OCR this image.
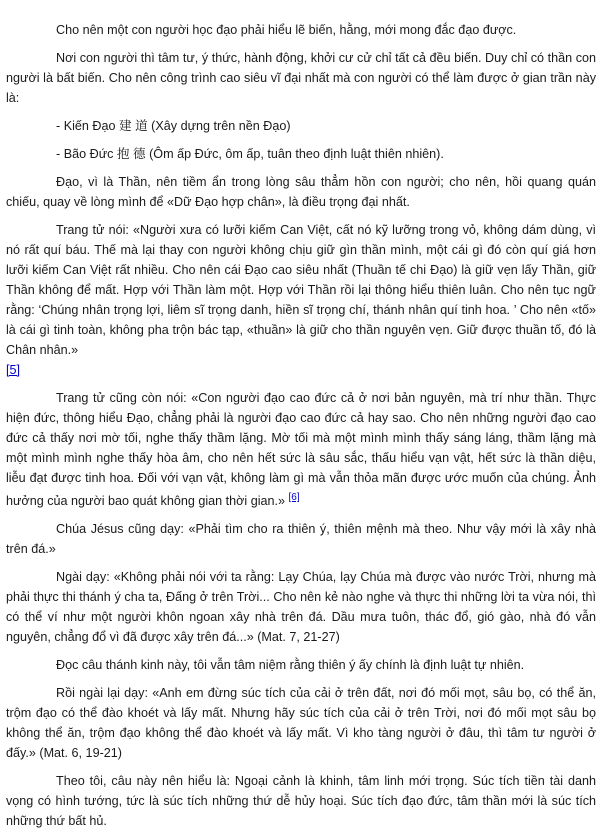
Cho nên một con người học đạo phải hiểu lẽ biến, hằng, mới mong đắc đạo được.

Nơi con người thì tâm tư, ý thức, hành động, khởi cư cử chỉ tất cả đều biến. Duy chỉ có thần con người là bất biến. Cho nên công trình cao siêu vĩ đại nhất mà con người có thể làm được ở gian trần này là:

- Kiến Đạo 建 道 (Xây dựng trên nền Đạo)

- Bão Đức 抱 德 (Ôm ấp Đức, ôm ấp, tuân theo định luật thiên nhiên).

Đạo, vì là Thần, nên tiềm ẩn trong lòng sâu thẳm hồn con người; cho nên, hồi quang quán chiếu, quay về lòng mình để «Dữ Đạo hợp chân», là điều trọng đại nhất.

Trang tử nói: «Người xưa có lưỡi kiếm Can Việt, cất nó kỹ lưỡng trong vỏ, không dám dùng, vì nó rất quí báu. Thế mà lại thay con người không chịu giữ gìn thần mình, một cái gì đó còn quí giá hơn lưỡi kiếm Can Việt rất nhiều. Cho nên cái Đạo cao siêu nhất (Thuần tế chi Đạo) là giữ vẹn lấy Thần, giữ Thần không để mất. Hợp với Thần làm một. Hợp với Thần rồi lại thông hiểu thiên luân. Cho nên tục ngữ rằng: ‘Chúng nhân trọng lợi, liêm sĩ trọng danh, hiền sĩ trọng chí, thánh nhân quí tinh hoa. ’ Cho nên «tố» là cái gì tinh toàn, không pha trộn bác tạp, «thuần» là giữ cho thần nguyên vẹn. Giữ được thuần tố, đó là Chân nhân.»

[5]

Trang tử cũng còn nói: «Con người đạo cao đức cả ở nơi bản nguyên, mà trí như thần. Thực hiện đức, thông hiểu Đạo, chẳng phải là người đạo cao đức cả hay sao. Cho nên những người đạo cao đức cả thấy nơi mờ tối, nghe thấy thầm lặng. Mờ tối mà một mình mình thấy sáng láng, thầm lặng mà một mình mình nghe thấy hòa âm, cho nên hết sức là sâu sắc, thấu hiểu vạn vật, hết sức là thần diệu, liễu đạt được tinh hoa. Đối với vạn vật, không làm gì mà vẫn thỏa mãn được ước muốn của chúng. Ảnh hưởng của người bao quát không gian thời gian.» [6]

Chúa Jésus cũng dạy: «Phải tìm cho ra thiên ý, thiên mệnh mà theo. Như vậy mới là xây nhà trên đá.»

Ngài dạy: «Không phải nói với ta rằng: Lạy Chúa, lạy Chúa mà được vào nước Trời, nhưng mà phải thực thi thánh ý cha ta, Đấng ở trên Trời... Cho nên kẻ nào nghe và thực thi những lời ta vừa nói, thì có thể ví như một người khôn ngoan xây nhà trên đá. Dầu mưa tuôn, thác đổ, gió gào, nhà đó vẫn nguyên, chẳng đổ vì đã được xây trên đá...» (Mat. 7, 21-27)

Đọc câu thánh kinh này, tôi vẫn tâm niệm rằng thiên ý ấy chính là định luật tự nhiên.

Rồi ngài lại dạy: «Anh em đừng súc tích của cải ở trên đất, nơi đó mối mọt, sâu bọ, có thể ăn, trộm đạo có thể đào khoét và lấy mất. Nhưng hãy súc tích của cải ở trên Trời, nơi đó mối mọt sâu bọ không thể ăn, trộm đạo không thể đào khoét và lấy mất. Vì kho tàng người ở đâu, thì tâm tư người ở đấy.» (Mat. 6, 19-21)

Theo tôi, câu này nên hiểu là: Ngoại cảnh là khinh, tâm linh mới trọng. Súc tích tiền tài danh vọng có hình tướng, tức là súc tích những thứ dễ hủy hoại. Súc tích đạo đức, tâm thần mới là súc tích những thứ bất hủ.
